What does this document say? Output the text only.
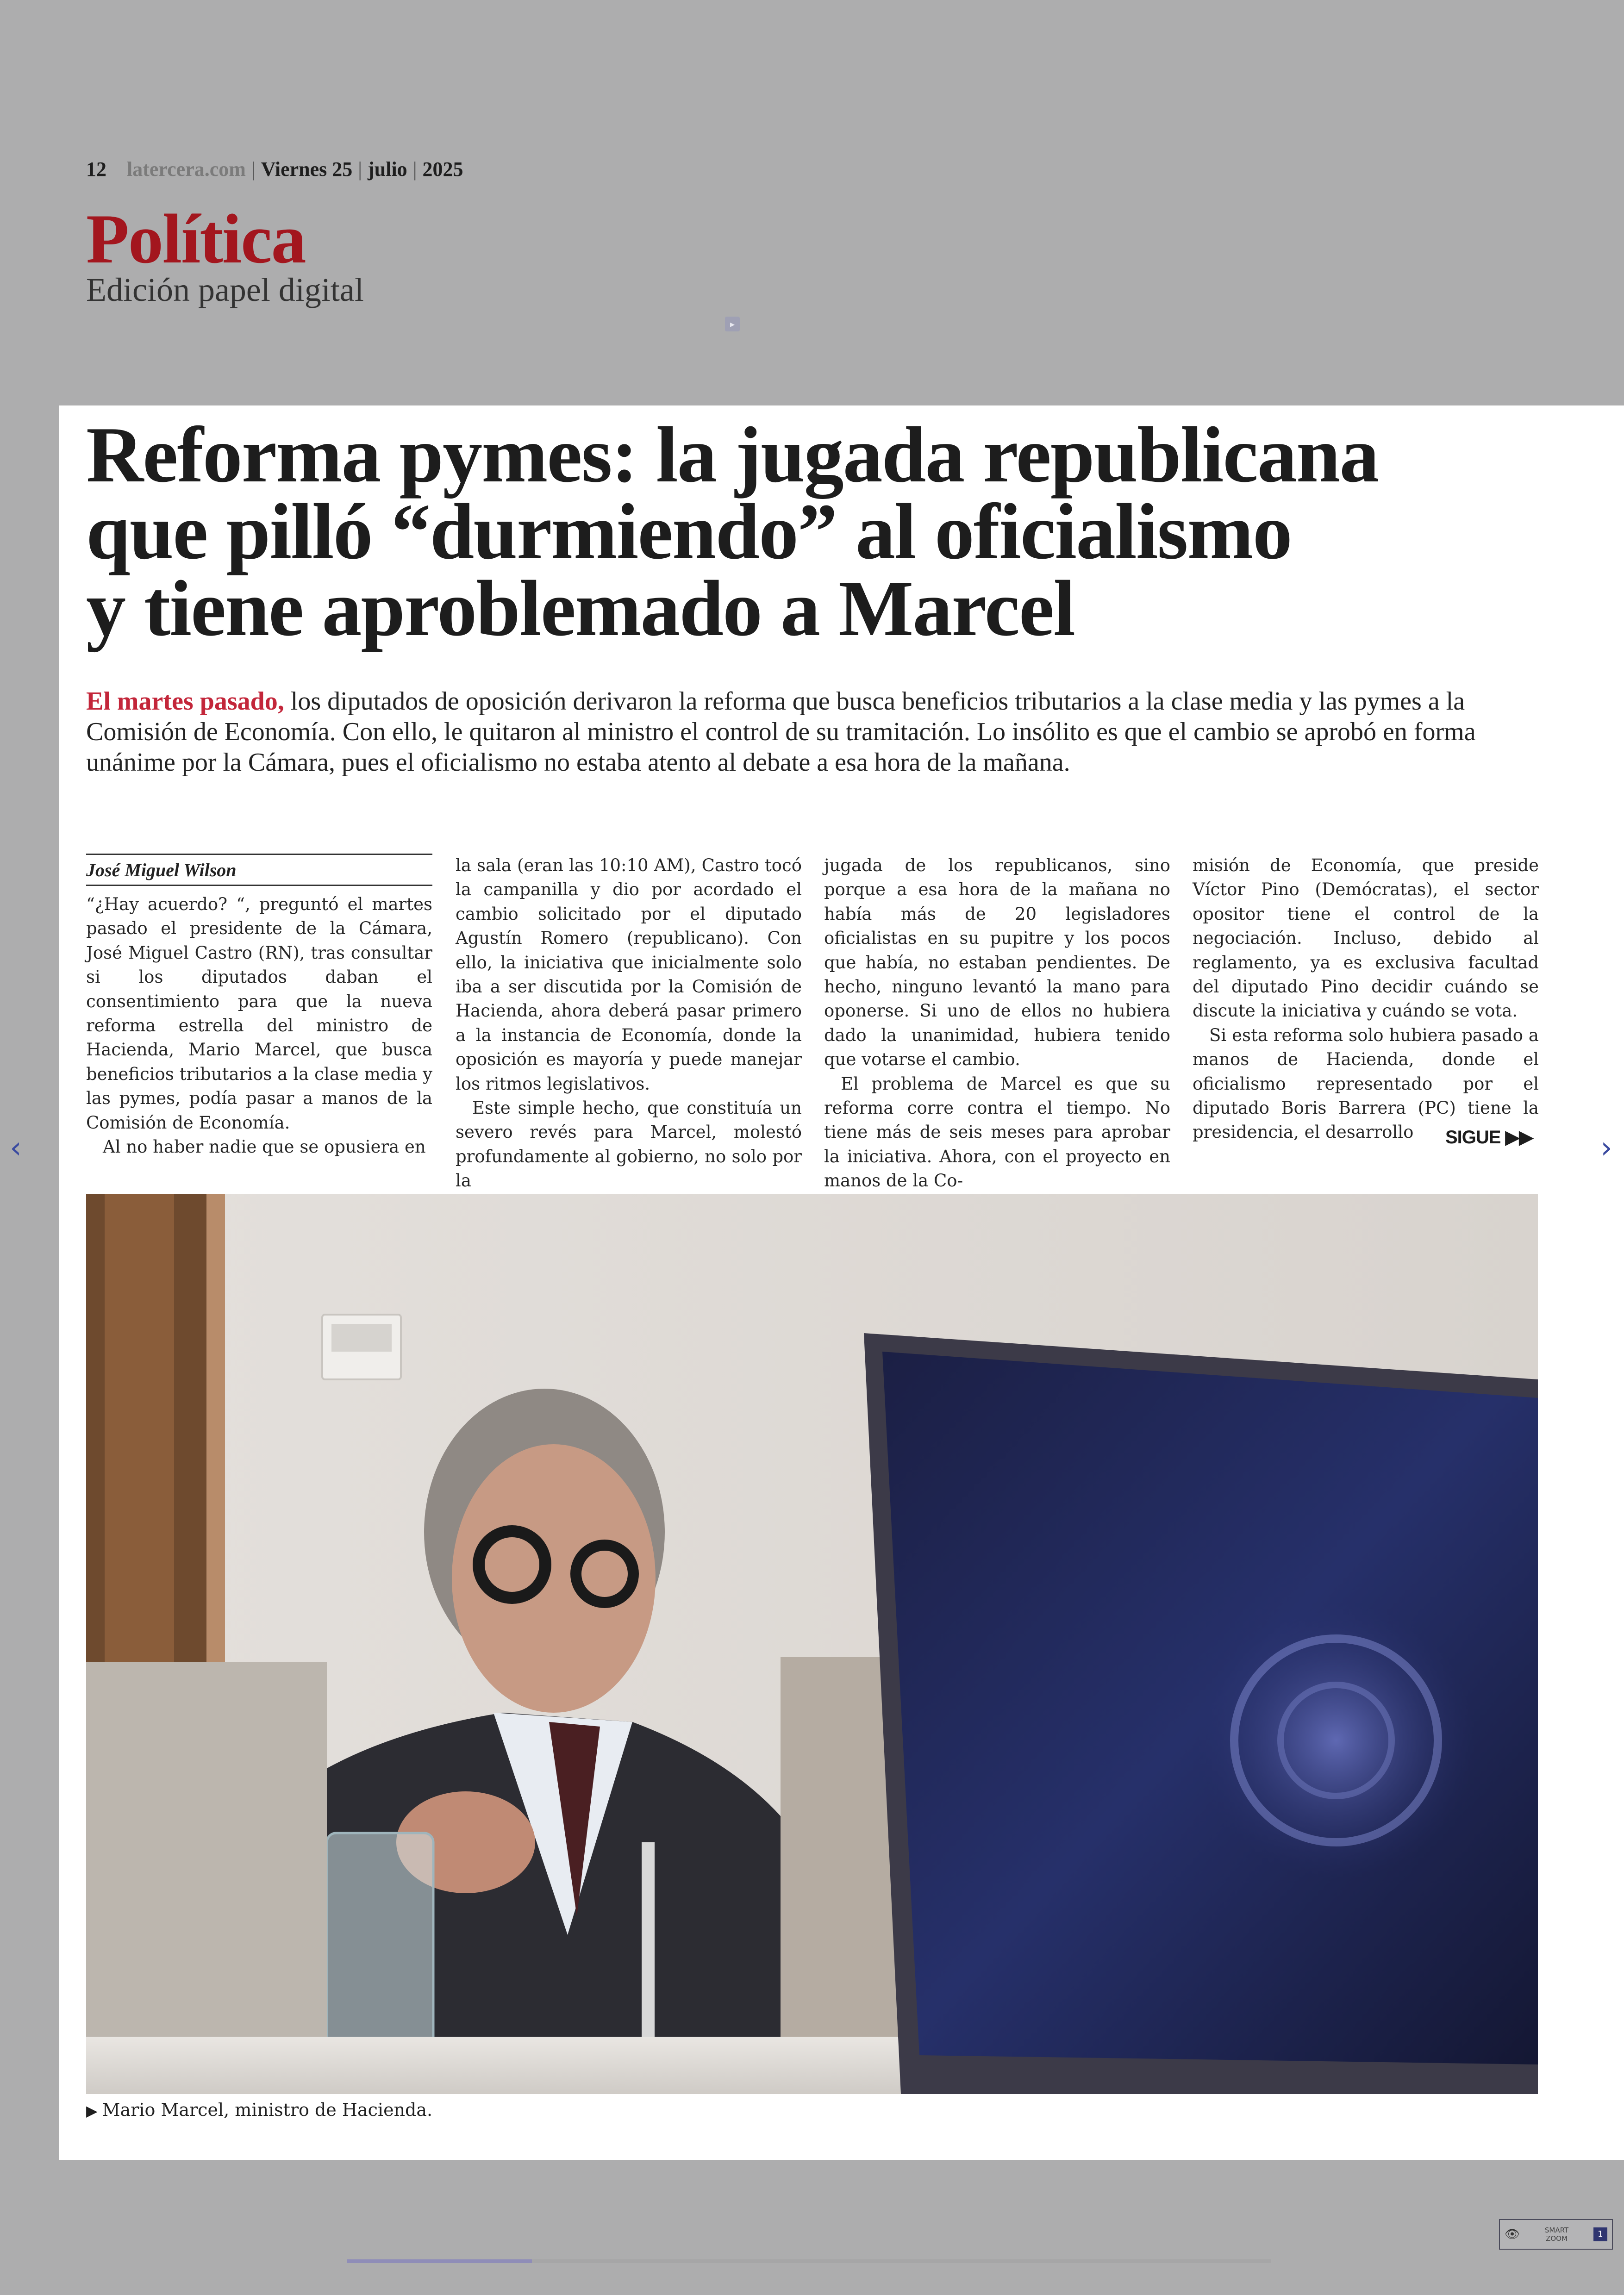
12 latercera.com | Viernes 25 | julio | 2025
Política
Edición papel digital
▸
Reforma pymes: la jugada republicana
que pilló “durmiendo” al oficialismo
y tiene aproblemado a Marcel
El martes pasado, los diputados de oposición derivaron la reforma que busca beneficios tributarios a la clase media y las pymes a la Comisión de Economía. Con ello, le quitaron al ministro el control de su tramitación. Lo insólito es que el cambio se aprobó en forma unánime por la Cámara, pues el oficialismo no estaba atento al debate a esa hora de la mañana.
José Miguel Wilson

“¿Hay acuerdo? “, preguntó el martes pasado el presidente de la Cámara, José Miguel Castro (RN), tras consultar si los diputados daban el consentimiento para que la nueva reforma estrella del ministro de Hacienda, Mario Marcel, que busca beneficios tributarios a la clase media y las pymes, podía pasar a manos de la Comisión de Economía.

Al no haber nadie que se opusiera en

la sala (eran las 10:10 AM), Castro tocó la campanilla y dio por acordado el cambio solicitado por el diputado Agustín Romero (republicano). Con ello, la iniciativa que inicialmente solo iba a ser discutida por la Comisión de Hacienda, ahora deberá pasar primero a la instancia de Economía, donde la oposición es mayoría y puede manejar los ritmos legislativos.

Este simple hecho, que constituía un severo revés para Marcel, molestó profundamente al gobierno, no solo por la

jugada de los republicanos, sino porque a esa hora de la mañana no había más de 20 legisladores oficialistas en su pupitre y los pocos que había, no estaban pendientes. De hecho, ninguno levantó la mano para oponerse. Si uno de ellos no hubiera dado la unanimidad, hubiera tenido que votarse el cambio.

El problema de Marcel es que su reforma corre contra el tiempo. No tiene más de seis meses para aprobar la iniciativa. Ahora, con el proyecto en manos de la Co-

misión de Economía, que preside Víctor Pino (Demócratas), el sector opositor tiene el control de la negociación. Incluso, debido al reglamento, ya es exclusiva facultad del diputado Pino decidir cuándo se discute la iniciativa y cuándo se vota.

Si esta reforma solo hubiera pasado a manos de Hacienda, donde el oficialismo representado por el diputado Boris Barrera (PC) tiene la presidencia, el desarrollo	SIGUE ▶▶
▶ Mario Marcel, ministro de Hacienda.
‹	›
👁	SMART
ZOOM	1
